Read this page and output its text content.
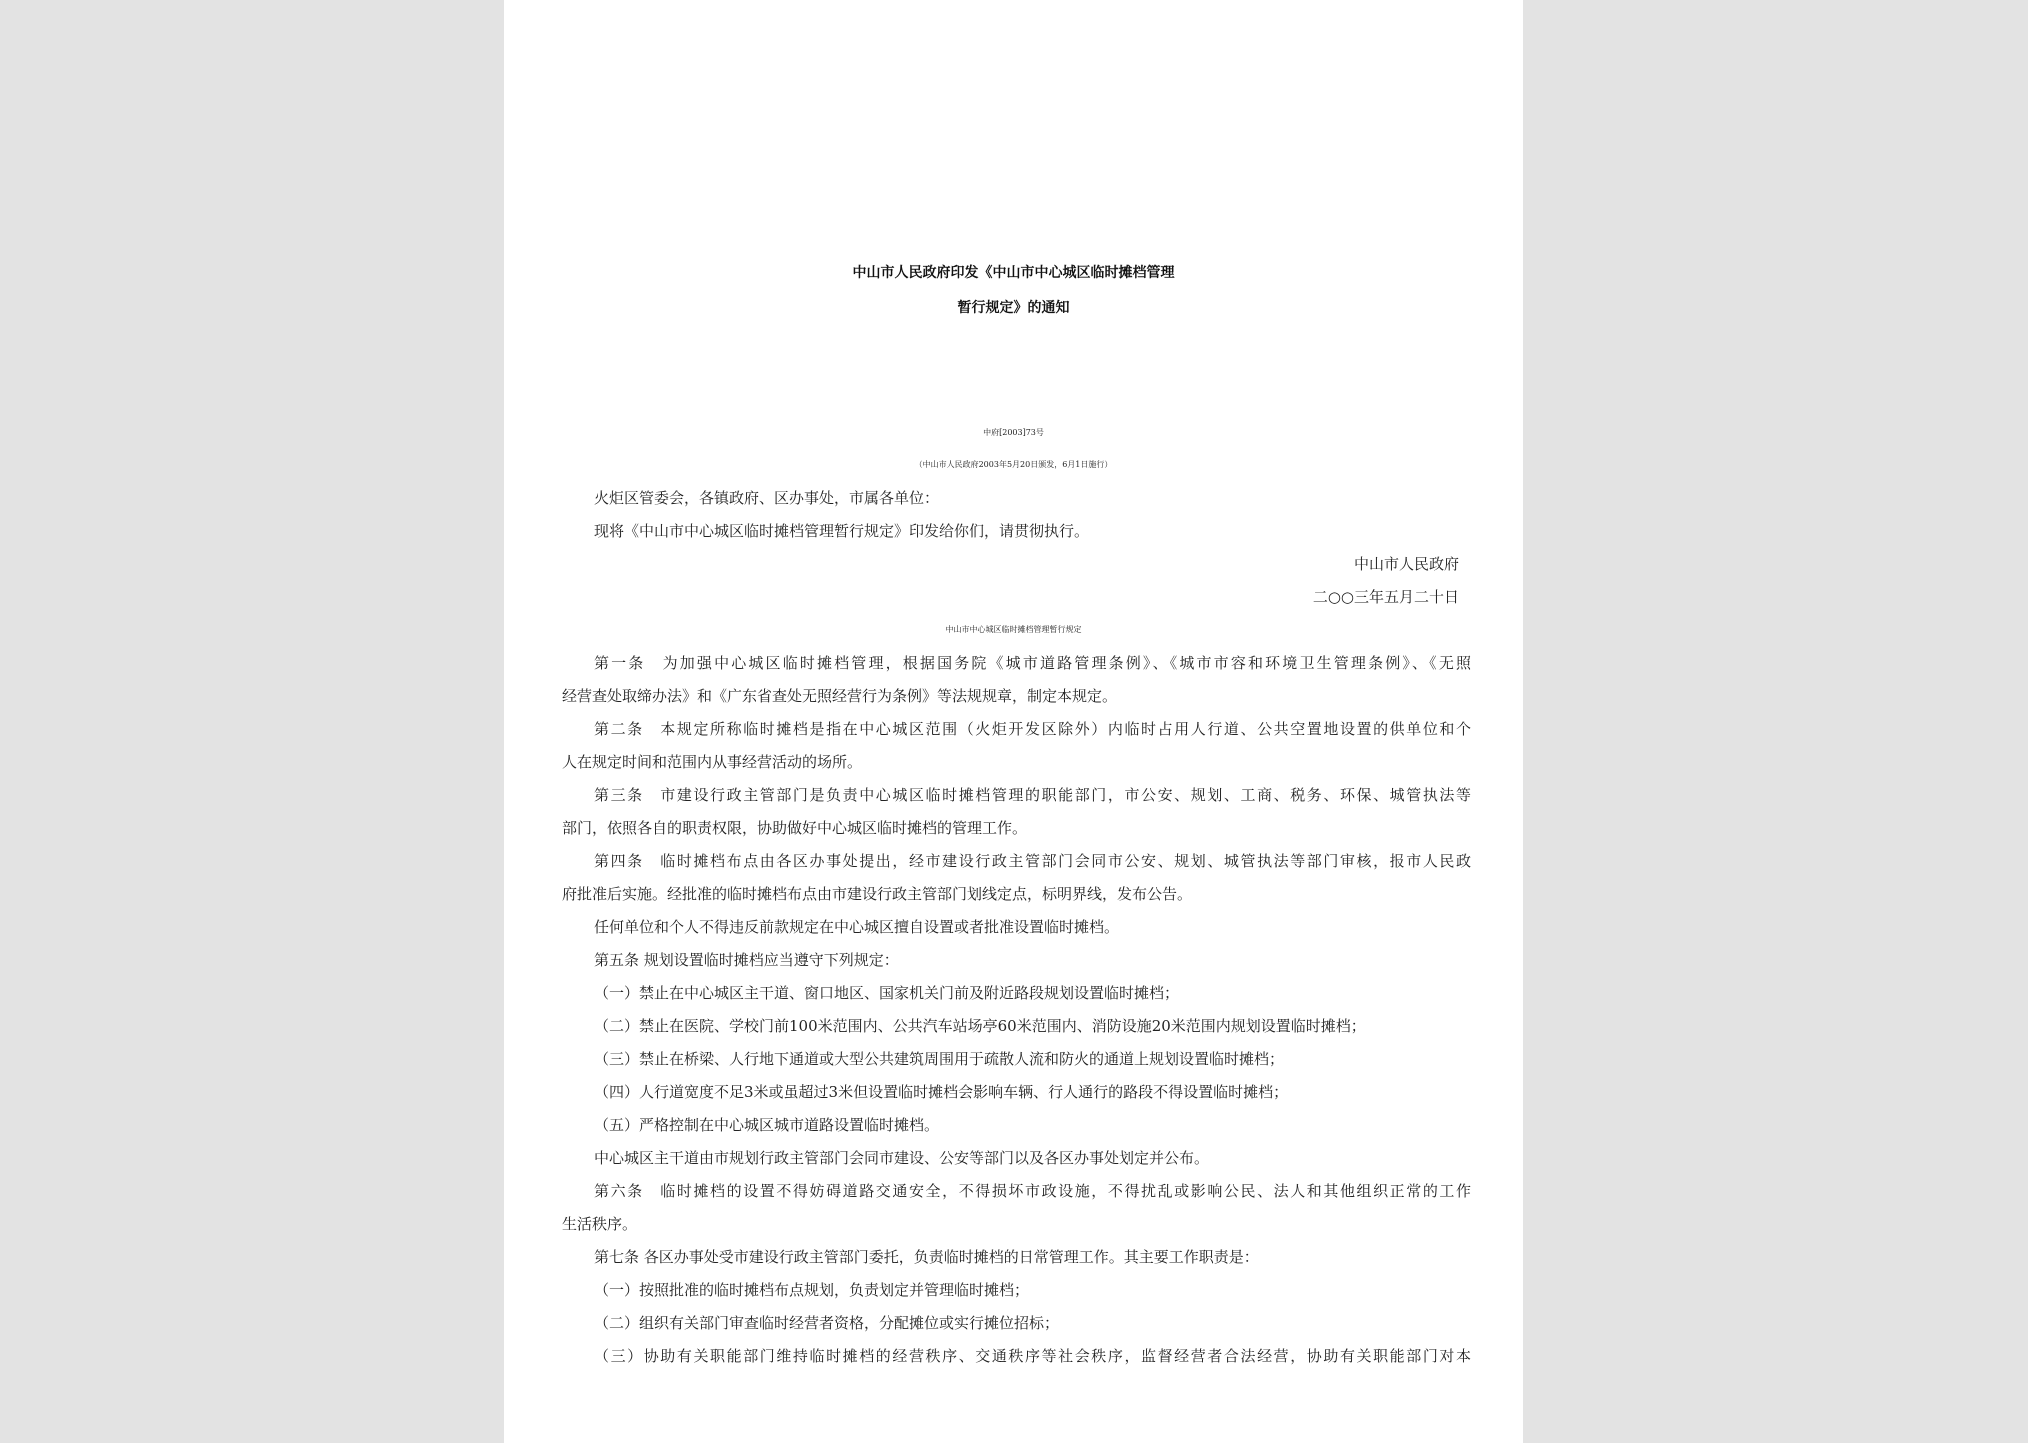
中山市人民政府印发《中山市中心城区临时摊档管理
暂行规定》的通知
中府[2003]73号
（中山市人民政府2003年5月20日颁发，6月1日施行）
火炬区管委会，各镇政府、区办事处，市属各单位：
现将《中山市中心城区临时摊档管理暂行规定》印发给你们，请贯彻执行。
中山市人民政府
二○○三年五月二十日
中山市中心城区临时摊档管理暂行规定
第一条　为加强中心城区临时摊档管理，根据国务院《城市道路管理条例》、《城市市容和环境卫生管理条例》、《无照
经营查处取缔办法》和《广东省查处无照经营行为条例》等法规规章，制定本规定。
第二条　本规定所称临时摊档是指在中心城区范围（火炬开发区除外）内临时占用人行道、公共空置地设置的供单位和个
人在规定时间和范围内从事经营活动的场所。
第三条　市建设行政主管部门是负责中心城区临时摊档管理的职能部门，市公安、规划、工商、税务、环保、城管执法等
部门，依照各自的职责权限，协助做好中心城区临时摊档的管理工作。
第四条　临时摊档布点由各区办事处提出，经市建设行政主管部门会同市公安、规划、城管执法等部门审核，报市人民政
府批准后实施。经批准的临时摊档布点由市建设行政主管部门划线定点，标明界线，发布公告。
任何单位和个人不得违反前款规定在中心城区擅自设置或者批准设置临时摊档。
第五条 规划设置临时摊档应当遵守下列规定：
（一）禁止在中心城区主干道、窗口地区、国家机关门前及附近路段规划设置临时摊档；
（二）禁止在医院、学校门前100米范围内、公共汽车站场亭60米范围内、消防设施20米范围内规划设置临时摊档；
（三）禁止在桥梁、人行地下通道或大型公共建筑周围用于疏散人流和防火的通道上规划设置临时摊档；
（四）人行道宽度不足3米或虽超过3米但设置临时摊档会影响车辆、行人通行的路段不得设置临时摊档；
（五）严格控制在中心城区城市道路设置临时摊档。
中心城区主干道由市规划行政主管部门会同市建设、公安等部门以及各区办事处划定并公布。
第六条　临时摊档的设置不得妨碍道路交通安全，不得损坏市政设施，不得扰乱或影响公民、法人和其他组织正常的工作
生活秩序。
第七条 各区办事处受市建设行政主管部门委托，负责临时摊档的日常管理工作。其主要工作职责是：
（一）按照批准的临时摊档布点规划，负责划定并管理临时摊档；
（二）组织有关部门审查临时经营者资格，分配摊位或实行摊位招标；
（三）协助有关职能部门维持临时摊档的经营秩序、交通秩序等社会秩序，监督经营者合法经营，协助有关职能部门对本
